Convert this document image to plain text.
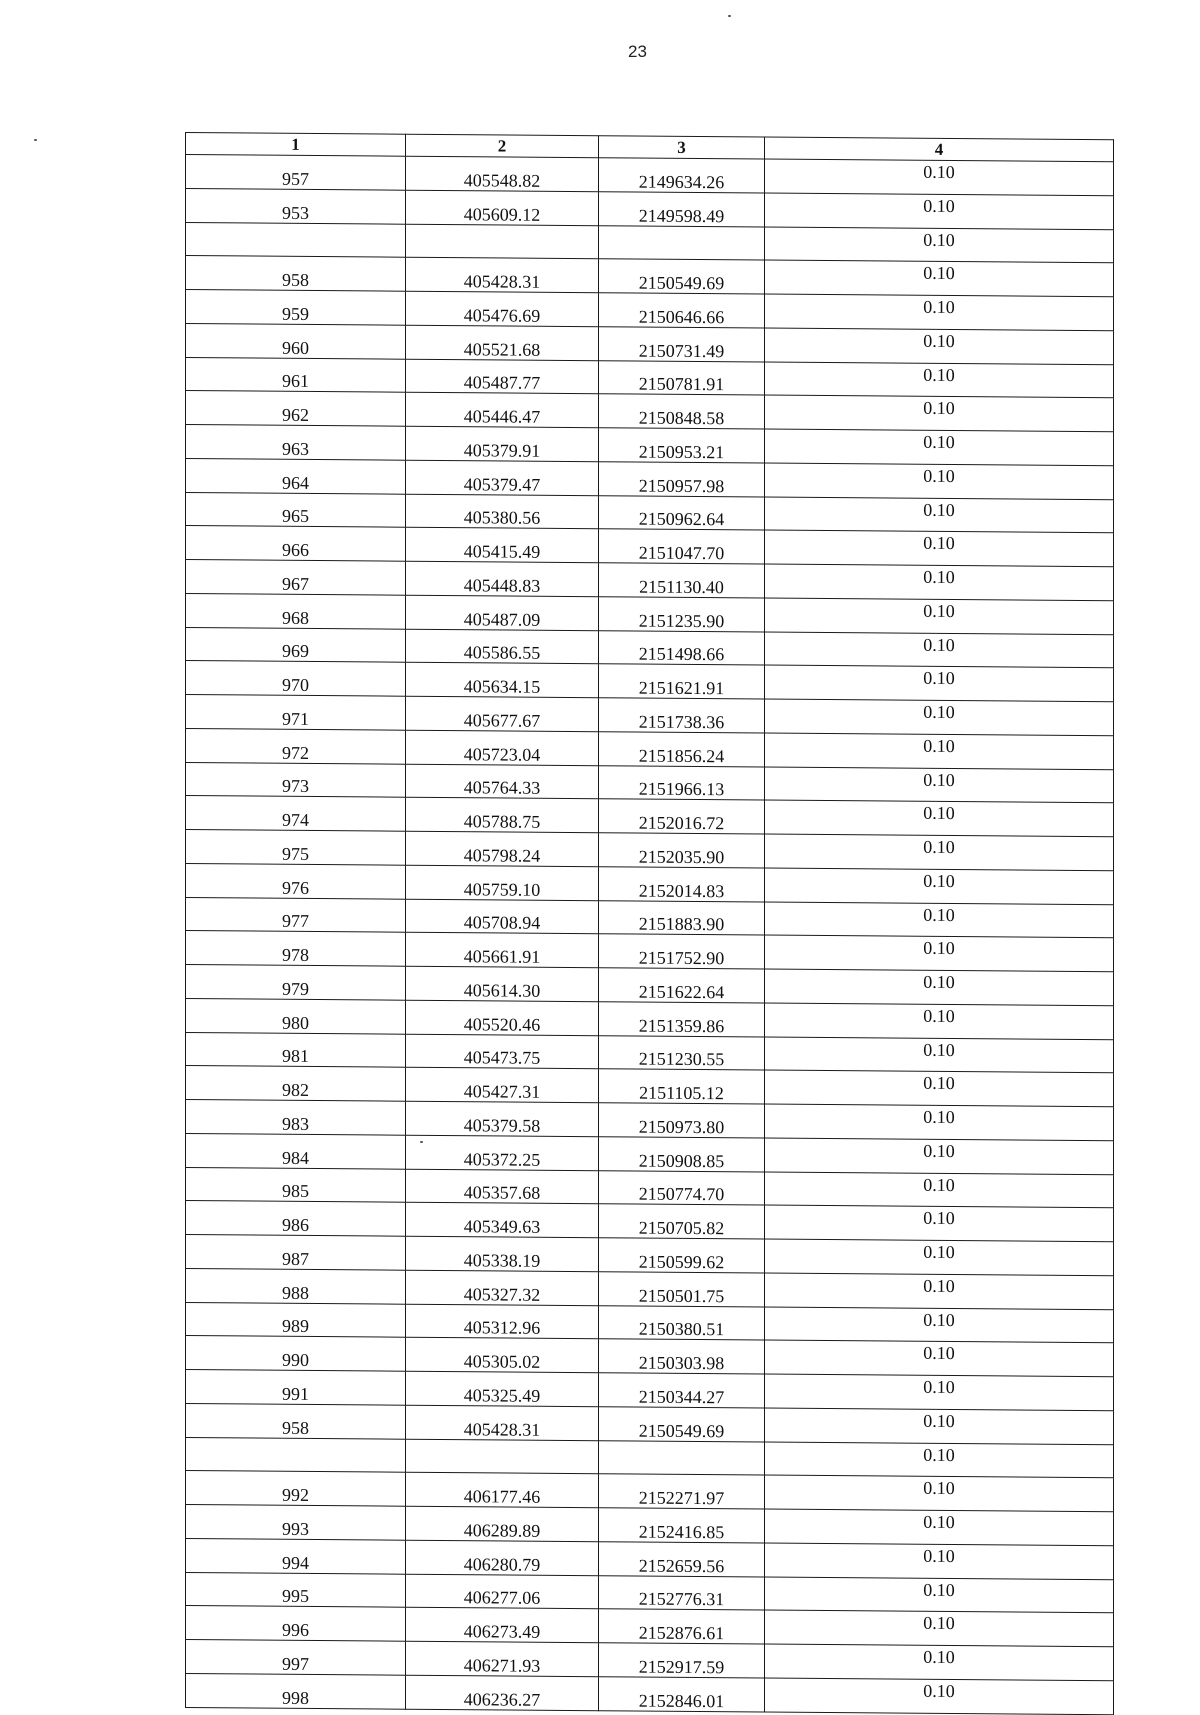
23
1	2	3	4
957	405548.82	2149634.26	0.10
953	405609.12	2149598.49	0.10
			0.10
958	405428.31	2150549.69	0.10
959	405476.69	2150646.66	0.10
960	405521.68	2150731.49	0.10
961	405487.77	2150781.91	0.10
962	405446.47	2150848.58	0.10
963	405379.91	2150953.21	0.10
964	405379.47	2150957.98	0.10
965	405380.56	2150962.64	0.10
966	405415.49	2151047.70	0.10
967	405448.83	2151130.40	0.10
968	405487.09	2151235.90	0.10
969	405586.55	2151498.66	0.10
970	405634.15	2151621.91	0.10
971	405677.67	2151738.36	0.10
972	405723.04	2151856.24	0.10
973	405764.33	2151966.13	0.10
974	405788.75	2152016.72	0.10
975	405798.24	2152035.90	0.10
976	405759.10	2152014.83	0.10
977	405708.94	2151883.90	0.10
978	405661.91	2151752.90	0.10
979	405614.30	2151622.64	0.10
980	405520.46	2151359.86	0.10
981	405473.75	2151230.55	0.10
982	405427.31	2151105.12	0.10
983	405379.58	2150973.80	0.10
984	405372.25	2150908.85	0.10
985	405357.68	2150774.70	0.10
986	405349.63	2150705.82	0.10
987	405338.19	2150599.62	0.10
988	405327.32	2150501.75	0.10
989	405312.96	2150380.51	0.10
990	405305.02	2150303.98	0.10
991	405325.49	2150344.27	0.10
958	405428.31	2150549.69	0.10
			0.10
992	406177.46	2152271.97	0.10
993	406289.89	2152416.85	0.10
994	406280.79	2152659.56	0.10
995	406277.06	2152776.31	0.10
996	406273.49	2152876.61	0.10
997	406271.93	2152917.59	0.10
998	406236.27	2152846.01	0.10
